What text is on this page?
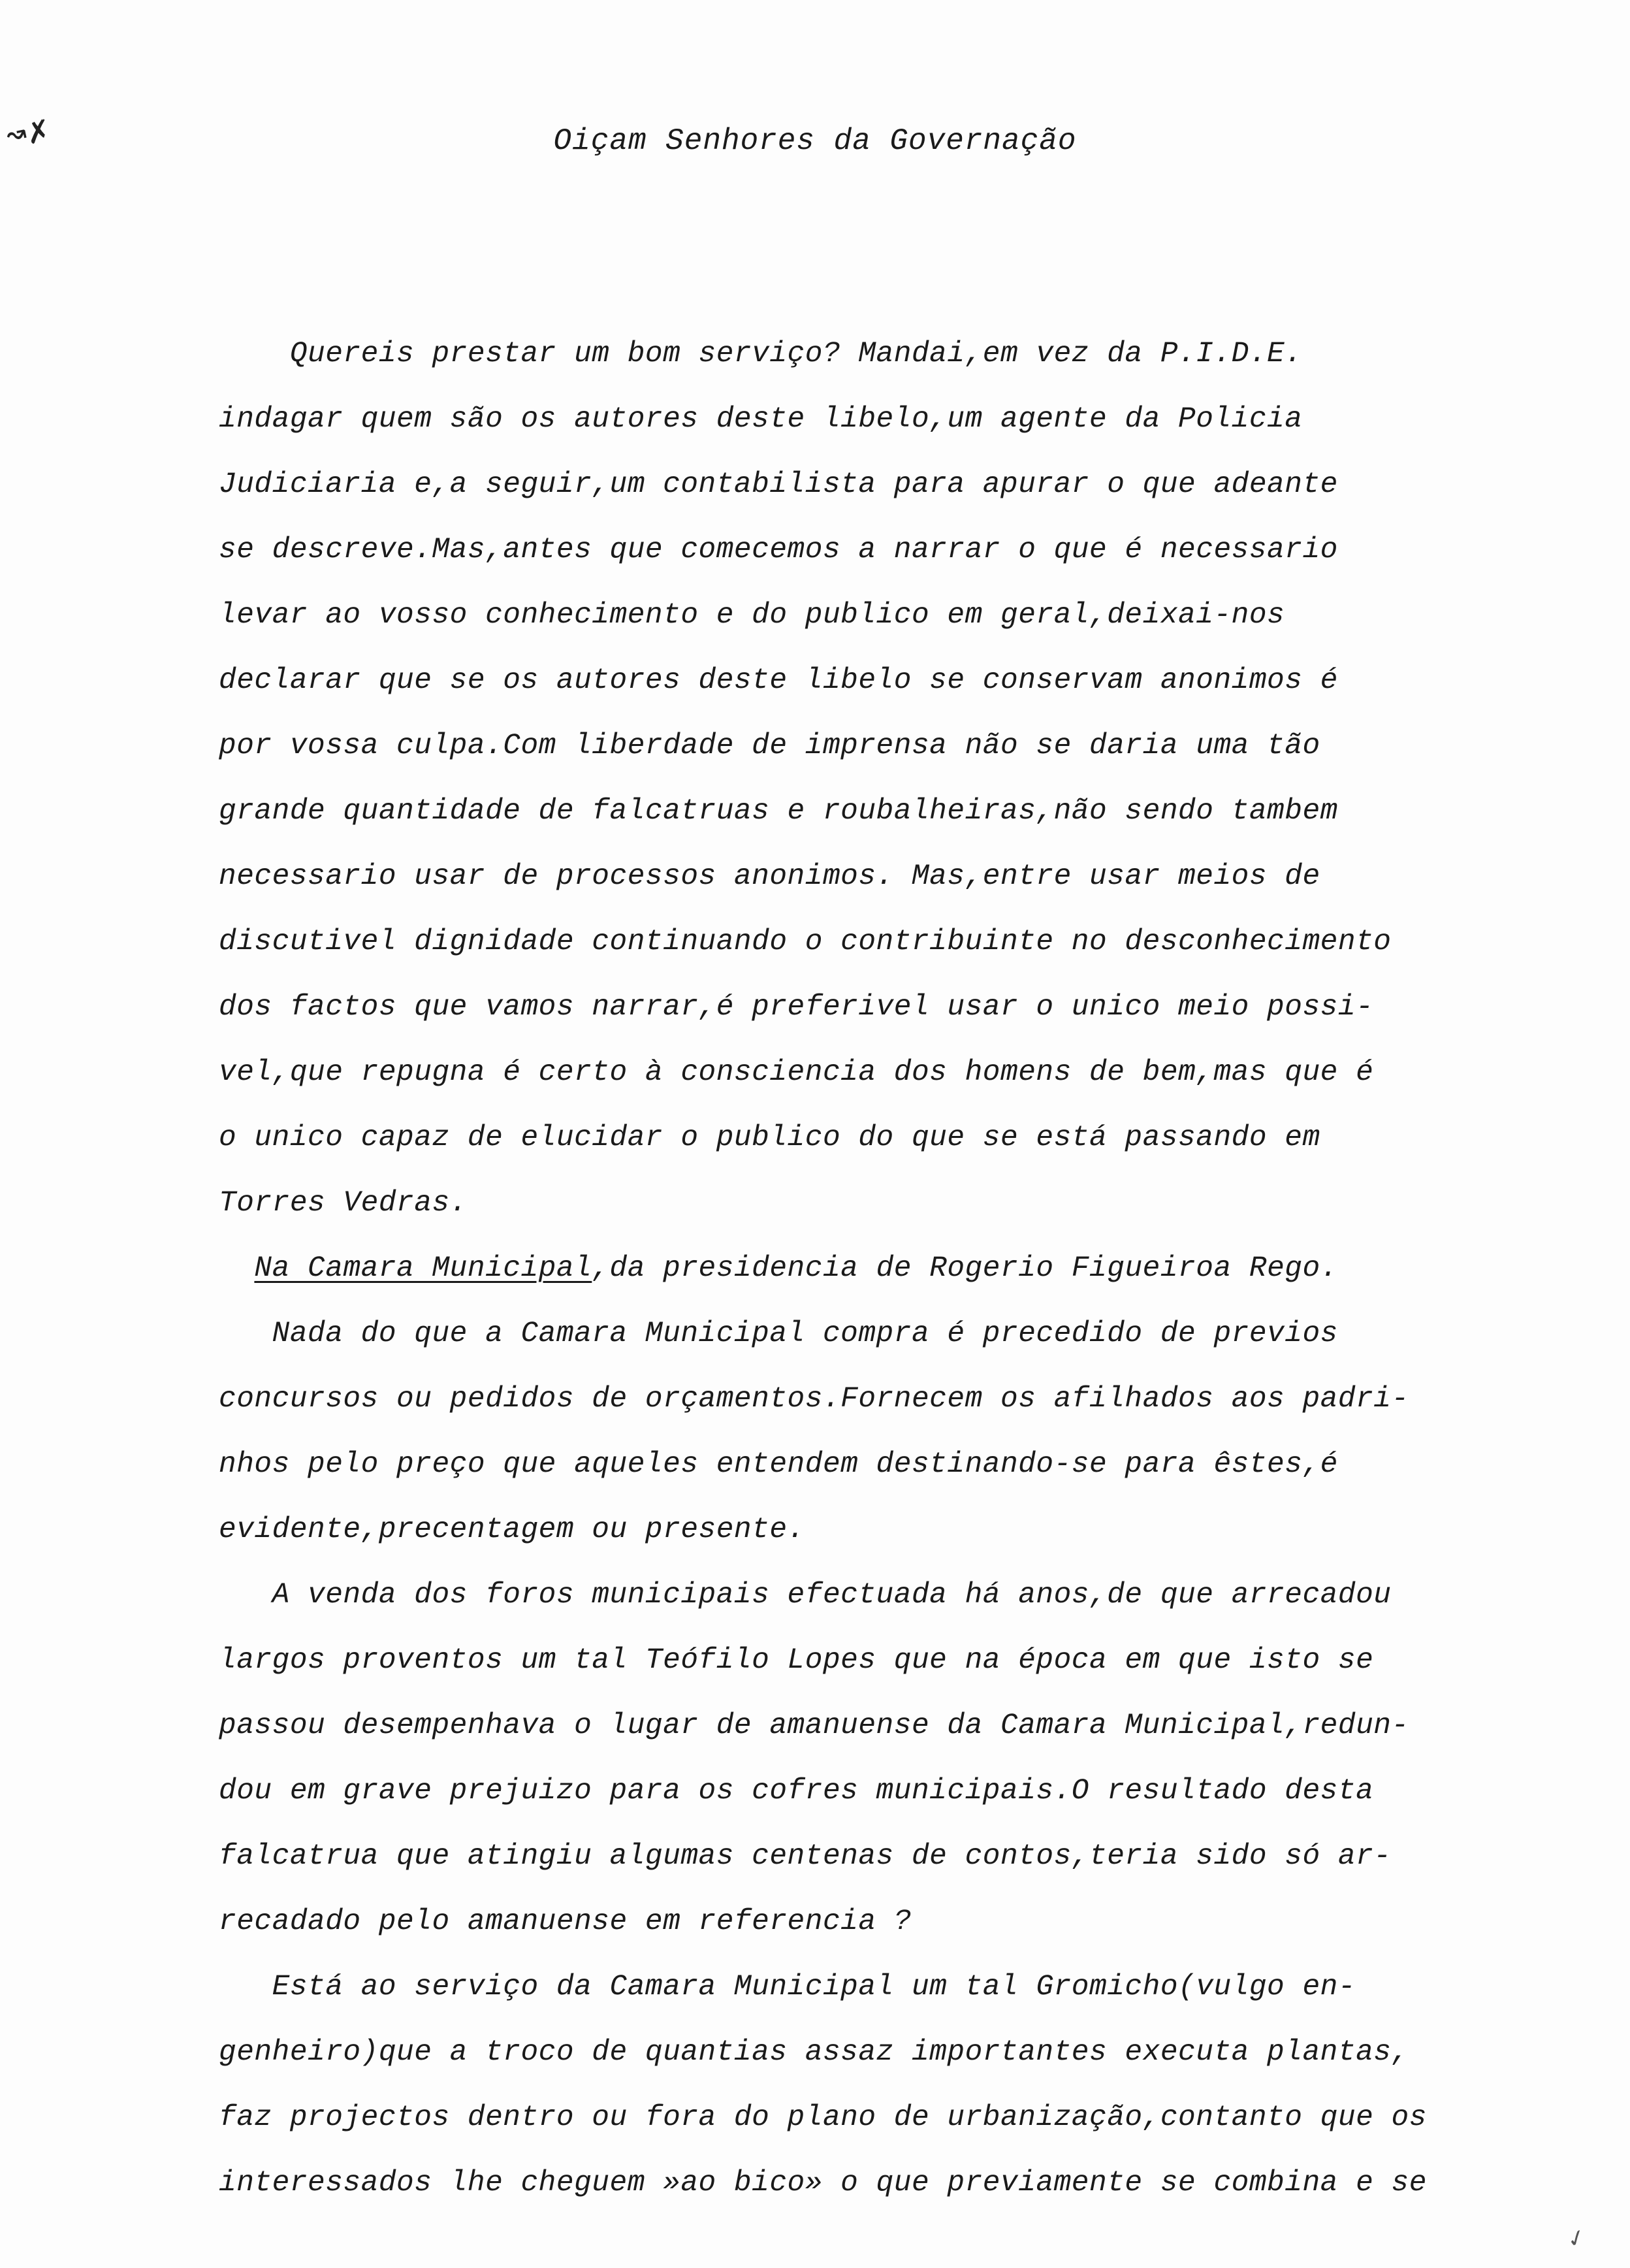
↝✗	Oiçam Senhores da Governação
Quereis prestar um bom serviço? Mandai,em vez da P.I.D.E.
indagar quem são os autores deste libelo,um agente da Policia
Judiciaria e,a seguir,um contabilista para apurar o que adeante
se descreve.Mas,antes que comecemos a narrar o que é necessario
levar ao vosso conhecimento e do publico em geral,deixai-nos
declarar que se os autores deste libelo se conservam anonimos é
por vossa culpa.Com liberdade de imprensa não se daria uma tão
grande quantidade de falcatruas e roubalheiras,não sendo tambem
necessario usar de processos anonimos. Mas,entre usar meios de
discutivel dignidade continuando o contribuinte no desconhecimento
dos factos que vamos narrar,é preferivel usar o unico meio possi-
vel,que repugna é certo à consciencia dos homens de bem,mas que é
o unico capaz de elucidar o publico do que se está passando em
Torres Vedras.
Na Camara Municipal,da presidencia de Rogerio Figueiroa Rego.
Nada do que a Camara Municipal compra é precedido de previos
concursos ou pedidos de orçamentos.Fornecem os afilhados aos padri-
nhos pelo preço que aqueles entendem destinando-se para êstes,é
evidente,precentagem ou presente.
A venda dos foros municipais efectuada há anos,de que arrecadou
largos proventos um tal Teófilo Lopes que na época em que isto se
passou desempenhava o lugar de amanuense da Camara Municipal,redun-
dou em grave prejuizo para os cofres municipais.O resultado desta
falcatrua que atingiu algumas centenas de contos,teria sido só ar-
recadado pelo amanuense em referencia ?
Está ao serviço da Camara Municipal um tal Gromicho(vulgo en-
genheiro)que a troco de quantias assaz importantes executa plantas,
faz projectos dentro ou fora do plano de urbanização,contanto que os
interessados lhe cheguem »ao bico» o que previamente se combina e se
✓
